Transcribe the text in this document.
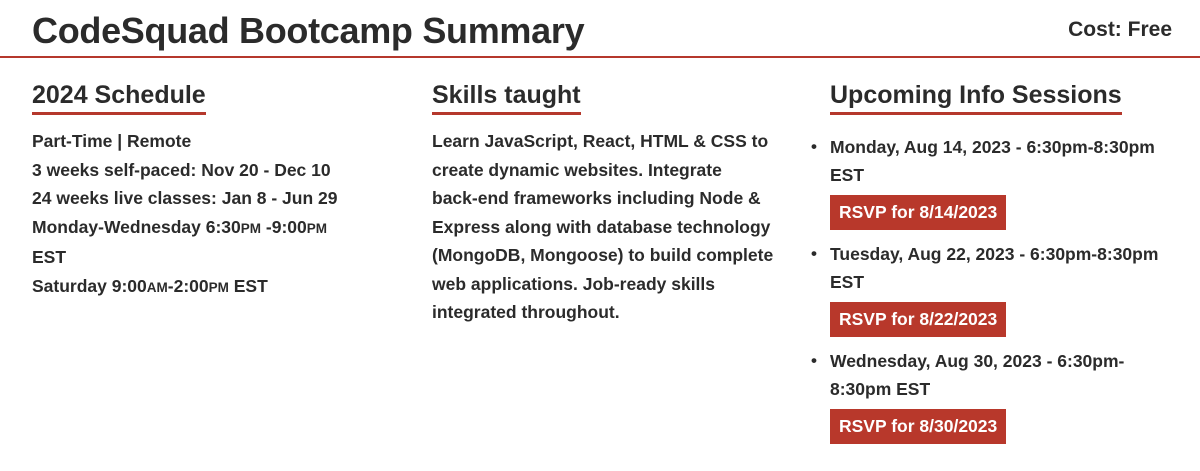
CodeSquad Bootcamp Summary	Cost: Free
2024 Schedule
Part-Time | Remote
3 weeks self-paced: Nov 20 - Dec 10
24 weeks live classes: Jan 8 - Jun 29
Monday-Wednesday 6:30PM -9:00PM
EST
Saturday 9:00AM-2:00PM EST
Skills taught
Learn JavaScript, React, HTML & CSS to
create dynamic websites. Integrate
back-end frameworks including Node &
Express along with database technology
(MongoDB, Mongoose) to build complete
web applications. Job-ready skills
integrated throughout.
Upcoming Info Sessions
• Monday, Aug 14, 2023 - 6:30pm-8:30pm
EST
RSVP for 8/14/2023
• Tuesday, Aug 22, 2023 - 6:30pm-8:30pm
EST
RSVP for 8/22/2023
• Wednesday, Aug 30, 2023 - 6:30pm-
8:30pm EST
RSVP for 8/30/2023
